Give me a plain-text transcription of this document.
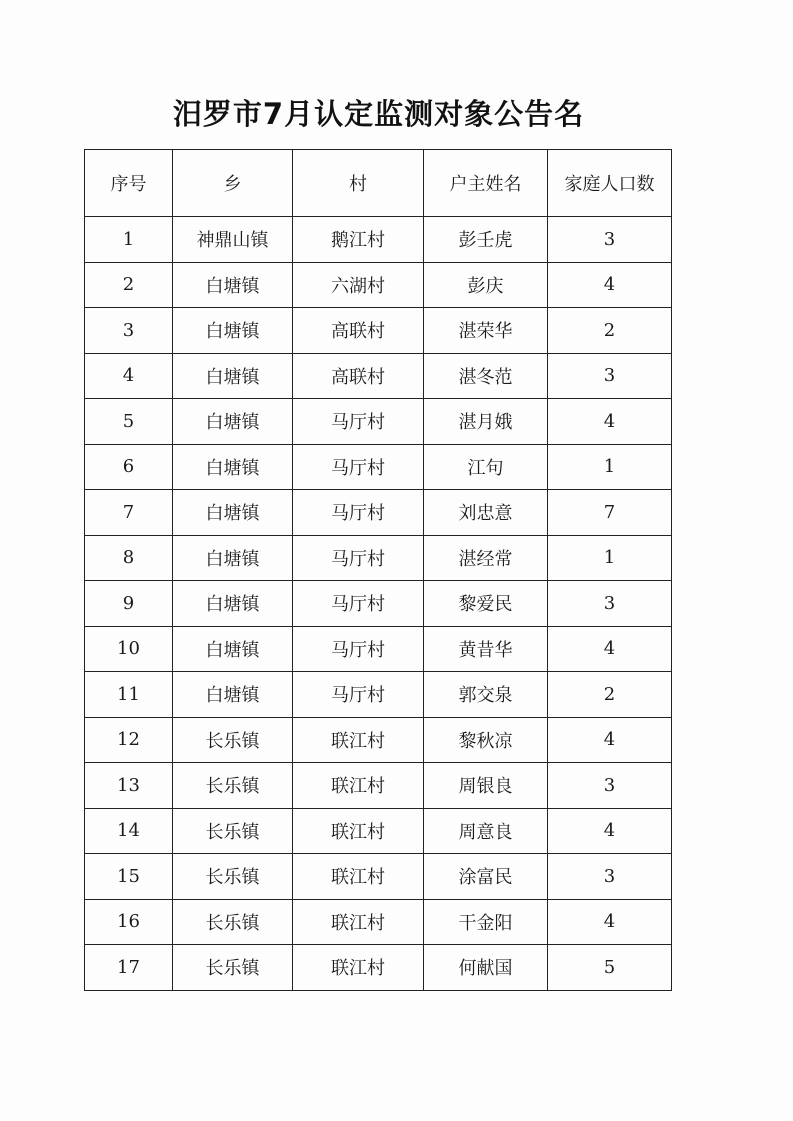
汨罗市7月认定监测对象公告名
序号	乡	村	户主姓名	家庭人口数
1	神鼎山镇	鹅江村	彭壬虎	3
2	白塘镇	六湖村	彭庆	4
3	白塘镇	高联村	湛荣华	2
4	白塘镇	高联村	湛冬范	3
5	白塘镇	马厅村	湛月娥	4
6	白塘镇	马厅村	江句	1
7	白塘镇	马厅村	刘忠意	7
8	白塘镇	马厅村	湛经常	1
9	白塘镇	马厅村	黎爱民	3
10	白塘镇	马厅村	黄昔华	4
11	白塘镇	马厅村	郭交泉	2
12	长乐镇	联江村	黎秋凉	4
13	长乐镇	联江村	周银良	3
14	长乐镇	联江村	周意良	4
15	长乐镇	联江村	涂富民	3
16	长乐镇	联江村	干金阳	4
17	长乐镇	联江村	何献国	5
